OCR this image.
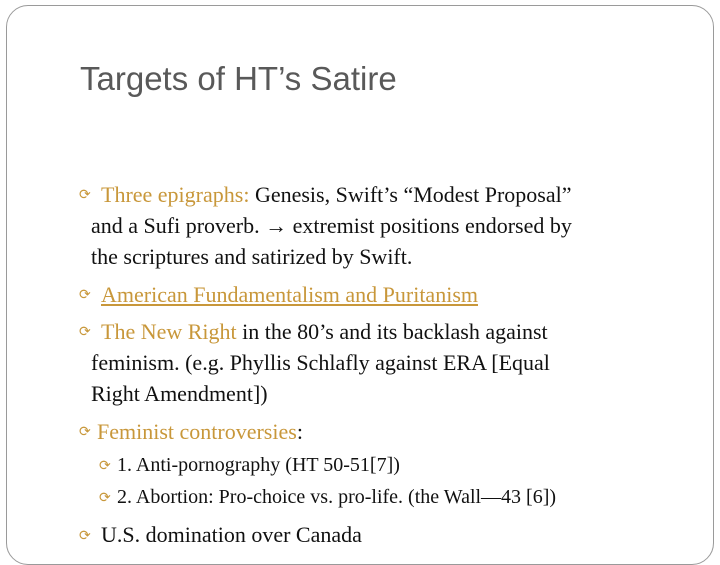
Targets of HT’s Satire
⟳ Three epigraphs: Genesis, Swift’s “Modest Proposal”
and a Sufi proverb. → extremist positions endorsed by
the scriptures and satirized by Swift.
⟳ American Fundamentalism and Puritanism
⟳ The New Right in the 80’s and its backlash against
feminism. (e.g. Phyllis Schlafly against ERA [Equal
Right Amendment])
⟳ Feminist controversies:
⟳ 1. Anti-pornography (HT 50-51[7])
⟳ 2. Abortion: Pro-choice vs. pro-life. (the Wall—43 [6])
⟳ U.S. domination over Canada
